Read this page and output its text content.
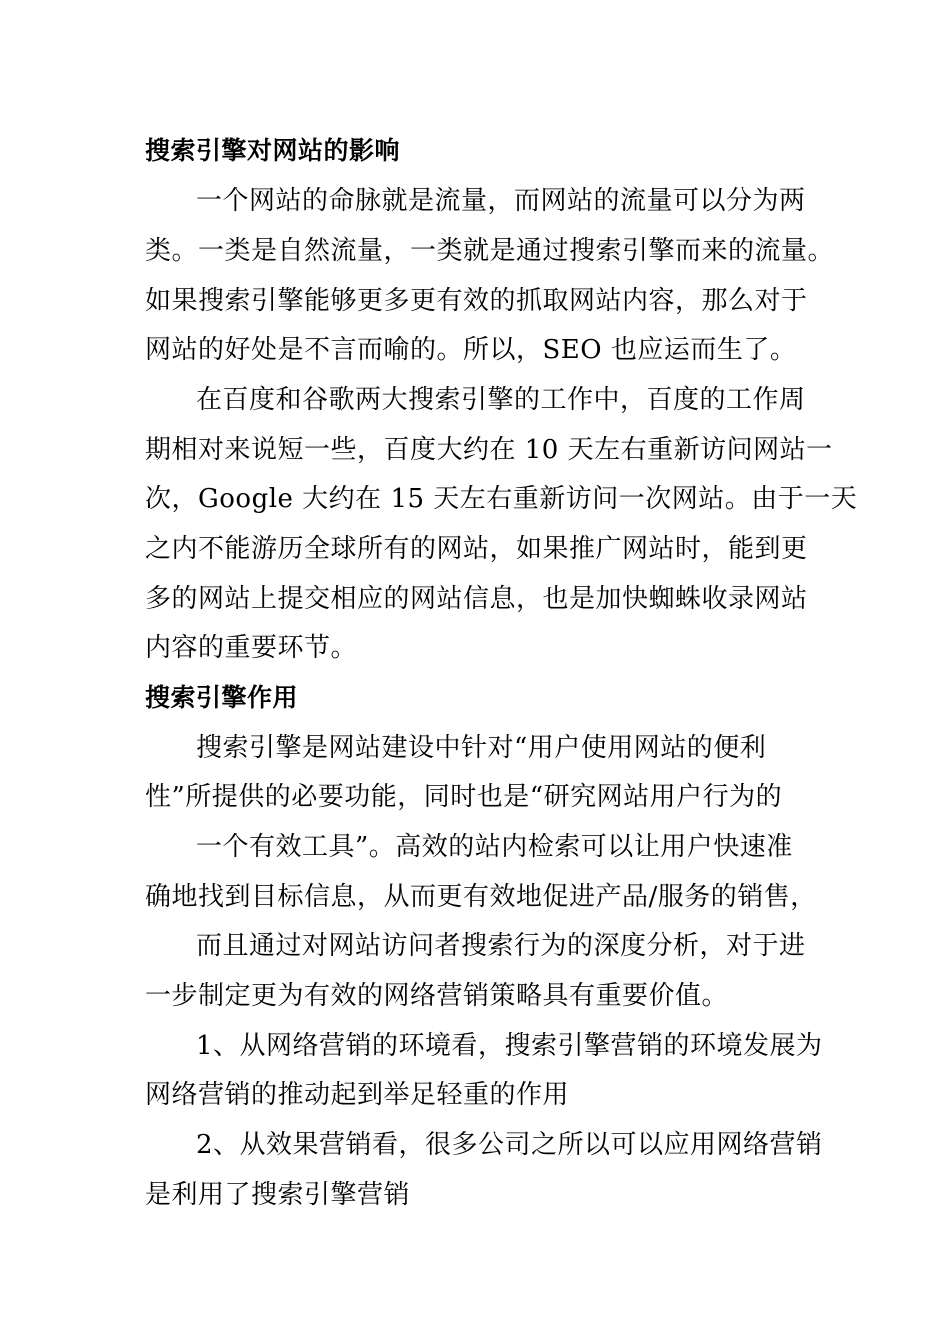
搜索引擎对网站的影响
一个网站的命脉就是流量，而网站的流量可以分为两
类。一类是自然流量，一类就是通过搜索引擎而来的流量。
如果搜索引擎能够更多更有效的抓取网站内容，那么对于
网站的好处是不言而喻的。所以，SEO 也应运而生了。
在百度和谷歌两大搜索引擎的工作中，百度的工作周
期相对来说短一些，百度大约在 10 天左右重新访问网站一
次，Google 大约在 15 天左右重新访问一次网站。由于一天
之内不能游历全球所有的网站，如果推广网站时，能到更
多的网站上提交相应的网站信息，也是加快蜘蛛收录网站
内容的重要环节。
搜索引擎作用
搜索引擎是网站建设中针对“用户使用网站的便利
性”所提供的必要功能，同时也是“研究网站用户行为的
一个有效工具”。高效的站内检索可以让用户快速准
确地找到目标信息，从而更有效地促进产品/服务的销售，
而且通过对网站访问者搜索行为的深度分析，对于进
一步制定更为有效的网络营销策略具有重要价值。
1、从网络营销的环境看，搜索引擎营销的环境发展为
网络营销的推动起到举足轻重的作用
2、从效果营销看，很多公司之所以可以应用网络营销
是利用了搜索引擎营销
